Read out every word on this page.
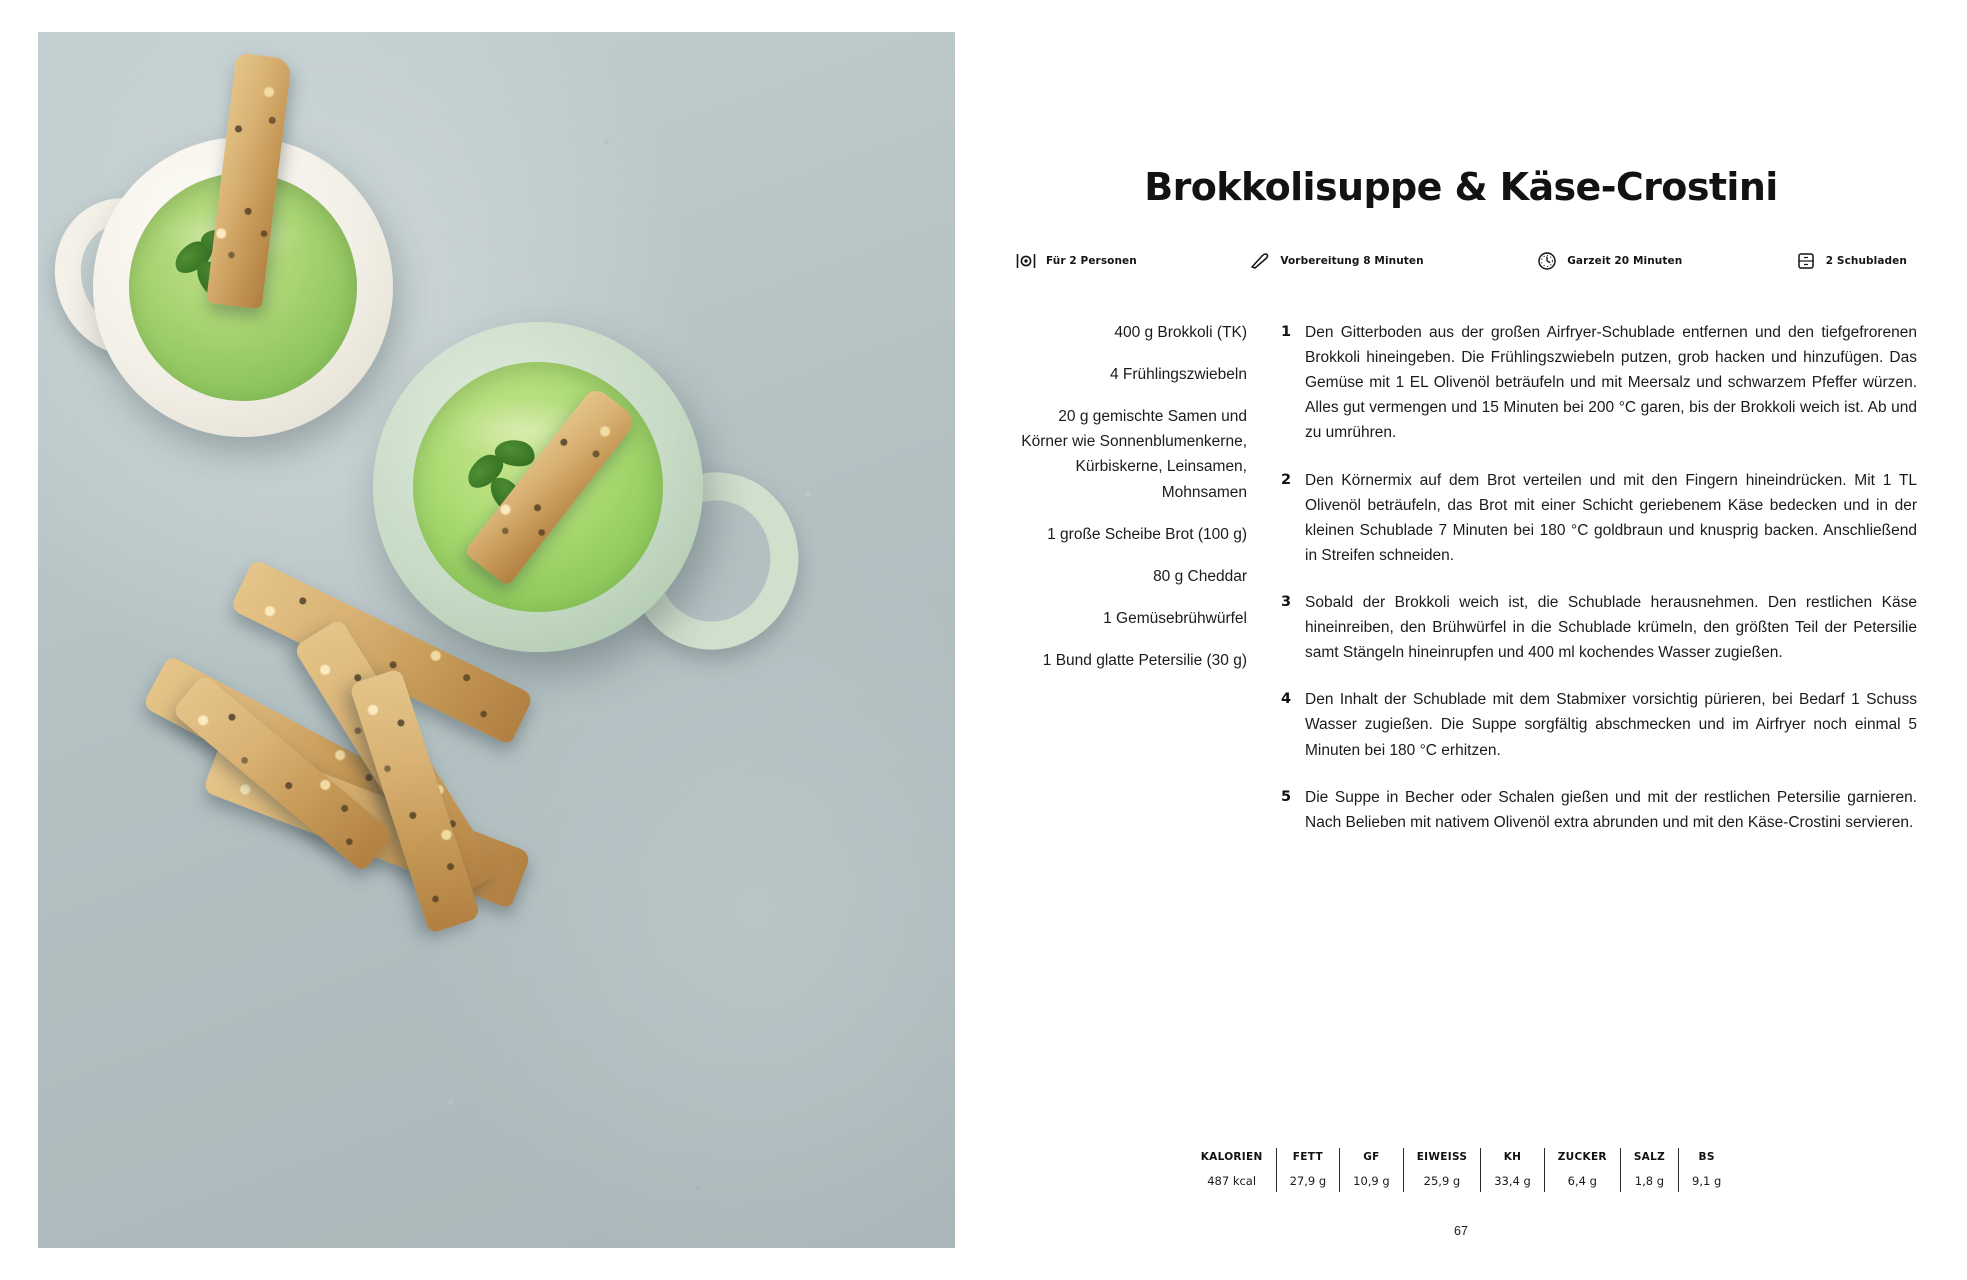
Brokkolisuppe & Käse-Crostini
Für 2 Personen	Vorbereitung 8 Minuten	Garzeit 20 Minuten	2 Schubladen
400 g Brokkoli (TK)
4 Frühlingszwiebeln
20 g gemischte Samen und Körner wie Sonnenblumenkerne, Kürbiskerne, Leinsamen, Mohnsamen
1 große Scheibe Brot (100 g)
80 g Cheddar
1 Gemüsebrühwürfel
1 Bund glatte Petersilie (30 g)
1 Den Gitterboden aus der großen Airfryer-Schublade entfernen und den tiefgefrorenen Brokkoli hineingeben. Die Frühlingszwiebeln putzen, grob hacken und hinzufügen. Das Gemüse mit 1 EL Olivenöl beträufeln und mit Meersalz und schwarzem Pfeffer würzen. Alles gut vermengen und 15 Minuten bei 200 °C garen, bis der Brokkoli weich ist. Ab und zu umrühren.
2 Den Körnermix auf dem Brot verteilen und mit den Fingern hineindrücken. Mit 1 TL Olivenöl beträufeln, das Brot mit einer Schicht geriebenem Käse bedecken und in der kleinen Schublade 7 Minuten bei 180 °C goldbraun und knusprig backen. Anschließend in Streifen schneiden.
3 Sobald der Brokkoli weich ist, die Schublade herausnehmen. Den restlichen Käse hineinreiben, den Brühwürfel in die Schublade krümeln, den größten Teil der Petersilie samt Stängeln hineinrupfen und 400 ml kochendes Wasser zugießen.
4 Den Inhalt der Schublade mit dem Stabmixer vorsichtig pürieren, bei Bedarf 1 Schuss Wasser zugießen. Die Suppe sorgfältig abschmecken und im Airfryer noch einmal 5 Minuten bei 180 °C erhitzen.
5 Die Suppe in Becher oder Schalen gießen und mit der restlichen Petersilie garnieren. Nach Belieben mit nativem Olivenöl extra abrunden und mit den Käse-Crostini servieren.
KALORIEN	FETT	GF	EIWEISS	KH	ZUCKER	SALZ	BS
487 kcal	27,9 g	10,9 g	25,9 g	33,4 g	6,4 g	1,8 g	9,1 g
67
